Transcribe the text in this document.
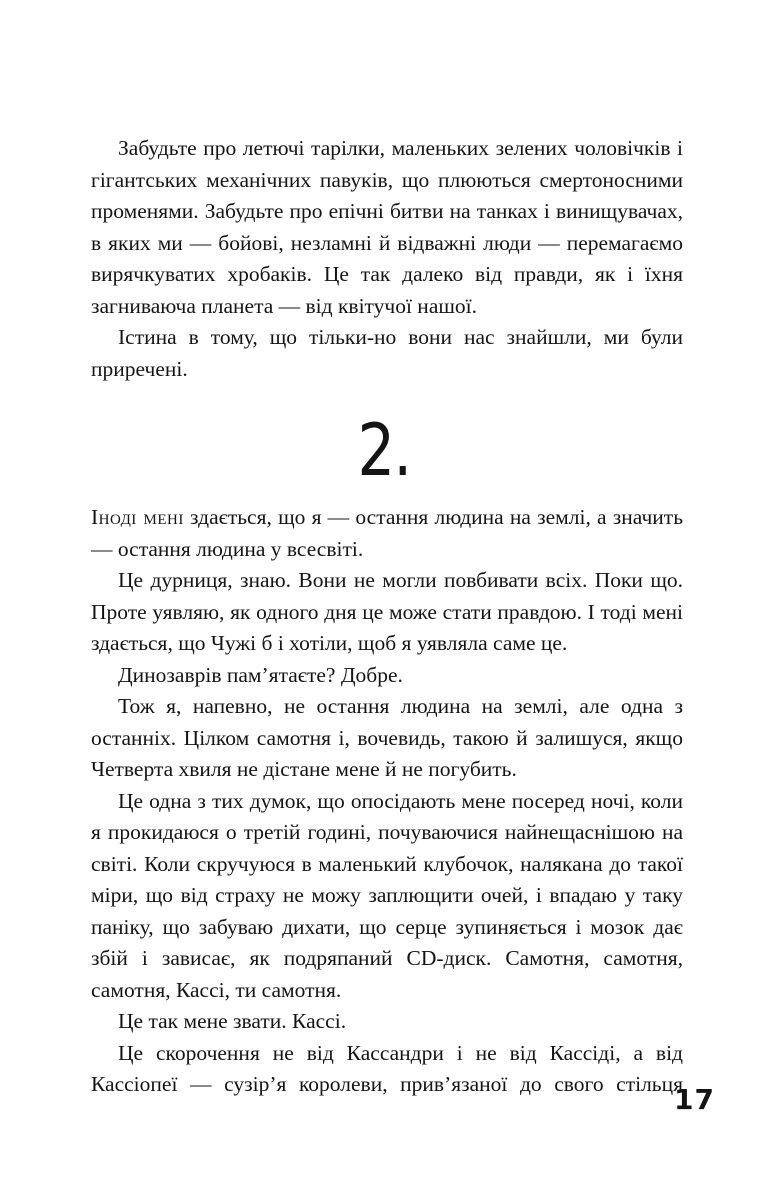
Забудьте про летючі тарілки, маленьких зелених чоловічків і гігантських механічних павуків, що плюються смертоносними променями. Забудьте про епічні битви на танках і винищувачах, в яких ми — бойові, незламні й відважні люди — перемагаємо вирячкуватих хробаків. Це так далеко від правди, як і їхня загниваюча планета — від квітучої нашої.

Істина в тому, що тільки-но вони нас знайшли, ми були приречені.

2.

Іноді мені здається, що я — остання людина на землі, а значить — остання людина у всесвіті.

Це дурниця, знаю. Вони не могли повбивати всіх. Поки що. Проте уявляю, як одного дня це може стати правдою. І тоді мені здається, що Чужі б і хотіли, щоб я уявляла саме це.

Динозаврів пам’ятаєте? Добре.

Тож я, напевно, не остання людина на землі, але одна з останніх. Цілком самотня і, вочевидь, такою й залишуся, якщо Четверта хвиля не дістане мене й не погубить.

Це одна з тих думок, що опосідають мене посеред ночі, коли я прокидаюся о третій годині, почуваючися найнещаснішою на світі. Коли скручуюся в маленький клубочок, налякана до такої міри, що від страху не можу заплющити очей, і впадаю у таку паніку, що забуваю дихати, що серце зупиняється і мозок дає збій і зависає, як подряпаний CD-диск. Самотня, самотня, самотня, Кассі, ти самотня.

Це так мене звати. Кассі.

Це скорочення не від Кассандри і не від Кассіді, а від Кассіопеї — сузір’я королеви, прив’язаної до свого стільця

17
